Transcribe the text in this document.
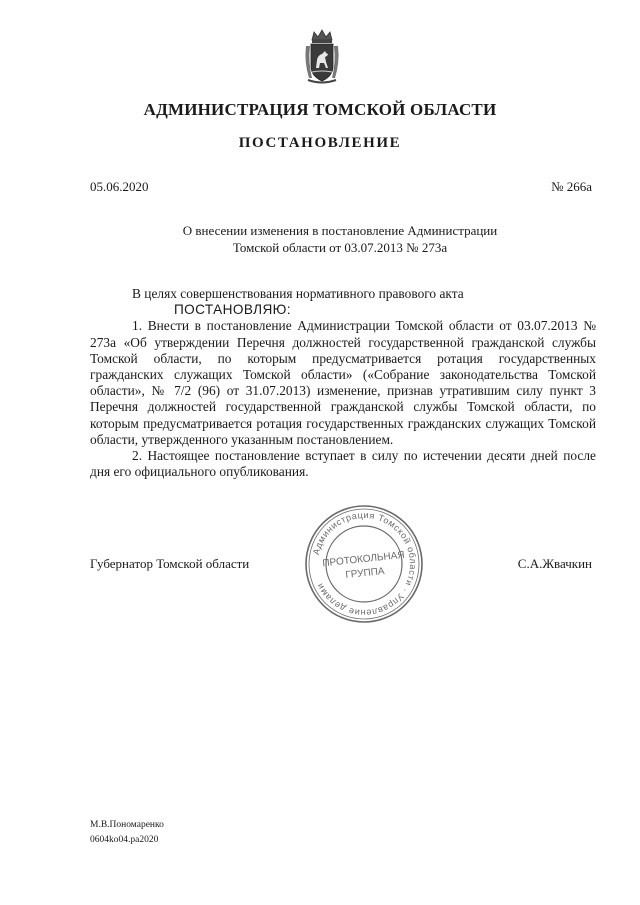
АДМИНИСТРАЦИЯ ТОМСКОЙ ОБЛАСТИ
ПОСТАНОВЛЕНИЕ
05.06.2020	№ 266а
О внесении изменения в постановление Администрации
Томской области от 03.07.2013 № 273а

В целях совершенствования нормативного правового акта

ПОСТАНОВЛЯЮ:

1. Внести в постановление Администрации Томской области от 03.07.2013 № 273а «Об утверждении Перечня должностей государственной гражданской службы Томской области, по которым предусматривается ротация государственных гражданских служащих Томской области» («Собрание законодательства Томской области», № 7/2 (96) от 31.07.2013) изменение, признав утратившим силу пункт 3 Перечня должностей государственной гражданской службы Томской области, по которым предусматривается ротация государственных гражданских служащих Томской области, утвержденного указанным постановлением.

2. Настоящее постановление вступает в силу по истечении десяти дней после дня его официального опубликования.

Губернатор Томской области	С.А.Жвачкин
Администрация Томской области · Управление делами
ПРОТОКОЛЬНАЯ
ГРУППА
М.В.Пономаренко
0604ko04.pa2020
